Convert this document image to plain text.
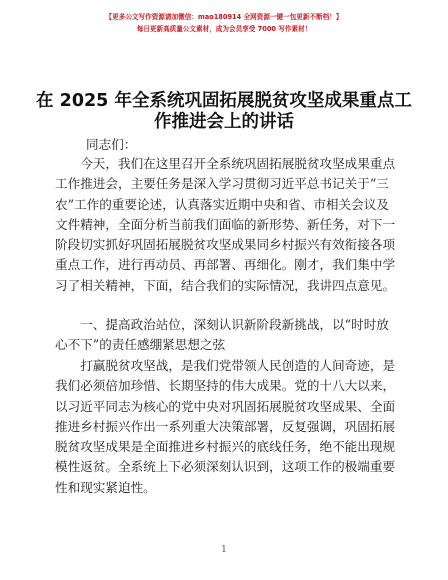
【更多公文写作资源请加微信：mao180914 全网资源一键一包更新不断档！】
每日更新高质量公文素材，成为会员享受 7000 写作素材！
在 2025 年全系统巩固拓展脱贫攻坚成果重点工
作推进会上的讲话
同志们：
　　今天，我们在这里召开全系统巩固拓展脱贫攻坚成果重点
工作推进会，主要任务是深入学习贯彻习近平总书记关于“三
农”工作的重要论述，认真落实近期中央和省、市相关会议及
文件精神，全面分析当前我们面临的新形势、新任务，对下一
阶段切实抓好巩固拓展脱贫攻坚成果同乡村振兴有效衔接各项
重点工作，进行再动员、再部署、再细化。刚才，我们集中学
习了相关精神，下面，结合我们的实际情况，我讲四点意见。
　　一、提高政治站位，深刻认识新阶段新挑战，以“时时放
心不下”的责任感绷紧思想之弦
　　打赢脱贫攻坚战，是我们党带领人民创造的人间奇迹，是
我们必须倍加珍惜、长期坚持的伟大成果。党的十八大以来，
以习近平同志为核心的党中央对巩固拓展脱贫攻坚成果、全面
推进乡村振兴作出一系列重大决策部署，反复强调，巩固拓展
脱贫攻坚成果是全面推进乡村振兴的底线任务，绝不能出现规
模性返贫。全系统上下必须深刻认识到，这项工作的极端重要
性和现实紧迫性。
1
